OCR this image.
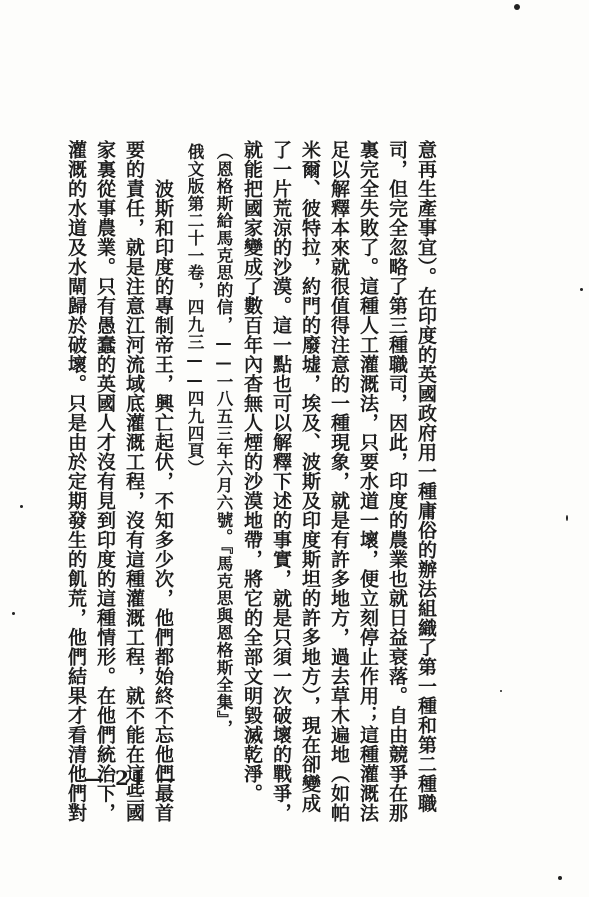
灌溉的水道及水閘歸於破壞。只是由於定期發生的飢荒，他們結果才看清他們對 家裏從事農業。只有愚蠢的英國人才沒有見到印度的這種情形。在他們統治下， 要的責任，就是注意江河流域底灌溉工程，沒有這種灌溉工程，就不能在這些國 　　波斯和印度的專制帝王，興亡起伏，不知多少次，他們都始終不忘他們最首 俄文版第二十一卷，四九三——四九四頁） （恩格斯給馬克思的信，——一八五三年六月六號。『馬克思與恩格斯全集』， 就能把國家變成了數百年內杳無人煙的沙漠地帶，將它的全部文明毀滅乾淨。 了一片荒涼的沙漠。這一點也可以解釋下述的事實，就是只須一次破壞的戰爭， 米爾、彼特拉，約門的廢墟，埃及、波斯及印度斯坦的許多地方），現在卻變成 足以解釋本來就很值得注意的一種現象，就是有許多地方，過去草木遍地（如帕 裏完全失敗了。這種人工灌溉法，只要水道一壞，便立刻停止作用；這種灌溉法 司，但完全忽略了第三種職司，因此，印度的農業也就日益衰落。自由競爭在那 意再生產事宜）。在印度的英國政府用一種庸俗的辦法組織了第一種和第二種職
— 21 —
